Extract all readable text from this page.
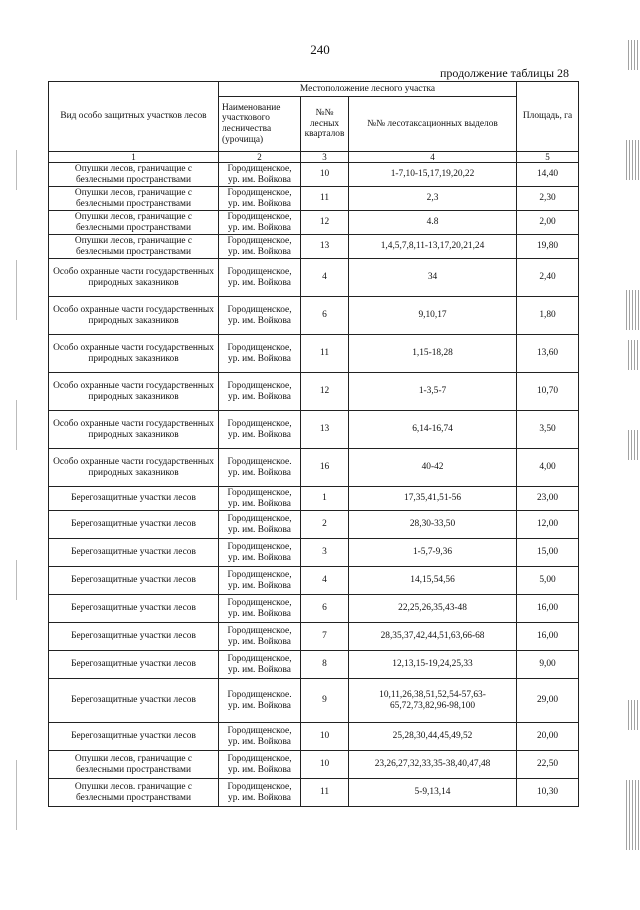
240
продолжение таблицы 28
Вид особо защитных участков лесов	Местоположение лесного участка			Площадь, га
	Наименование участкового лесничества (урочища)	№№ лесных кварталов	№№ лесотаксационных выделов	
1	2	3	4	5
Опушки лесов, граничащие с безлесными пространствами	Городищенское, ур. им. Войкова	10	1-7,10-15,17,19,20,22	14,40
Опушки лесов, граничащие с безлесными пространствами	Городищенское, ур. им. Войкова	11	2,3	2,30
Опушки лесов, граничащие с безлесными пространствами	Городищенское, ур. им. Войкова	12	4.8	2,00
Опушки лесов, граничащие с безлесными пространствами	Городищенское, ур. им. Войкова	13	1,4,5,7,8,11-13,17,20,21,24	19,80
Особо охранные части государственных природных заказников	Городищенское, ур. им. Войкова	4	34	2,40
Особо охранные части государственных природных заказников	Городищенское, ур. им. Войкова	6	9,10,17	1,80
Особо охранные части государственных природных заказников	Городищенское, ур. им. Войкова	11	1,15-18,28	13,60
Особо охранные части государственных природных заказников	Городищенское, ур. им. Войкова	12	1-3,5-7	10,70
Особо охранные части государственных природных заказников	Городищенское, ур. им. Войкова	13	6,14-16,74	3,50
Особо охранные части государственных природных заказников	Городищенское. ур. им. Войкова	16	40-42	4,00
Берегозащитные участки лесов	Городищенское, ур. им. Войкова	1	17,35,41,51-56	23,00
Берегозащитные участки лесов	Городищенское, ур. им. Войкова	2	28,30-33,50	12,00
Берегозащитные участки лесов	Городищенское, ур. им. Войкова	3	1-5,7-9,36	15,00
Берегозащитные участки лесов	Городищенское, ур. им. Войкова	4	14,15,54,56	5,00
Берегозащитные участки лесов	Городищенское, ур. им. Войкова	6	22,25,26,35,43-48	16,00
Берегозащитные участки лесов	Городищенское, ур. им. Войкова	7	28,35,37,42,44,51,63,66-68	16,00
Берегозащитные участки лесов	Городищенское, ур. им. Войкова	8	12,13,15-19,24,25,33	9,00
Берегозащитные участки лесов	Городищенское. ур. им. Войкова	9	10,11,26,38,51,52,54-57,63-65,72,73,82,96-98,100	29,00
Берегозащитные участки лесов	Городищенское, ур. им. Войкова	10	25,28,30,44,45,49,52	20,00
Опушки лесов, граничащие с безлесными пространствами	Городищенское, ур. им. Войкова	10	23,26,27,32,33,35-38,40,47,48	22,50
Опушки лесов. граничащие с безлесными пространствами	Городищенское, ур. им. Войкова	11	5-9,13,14	10,30
